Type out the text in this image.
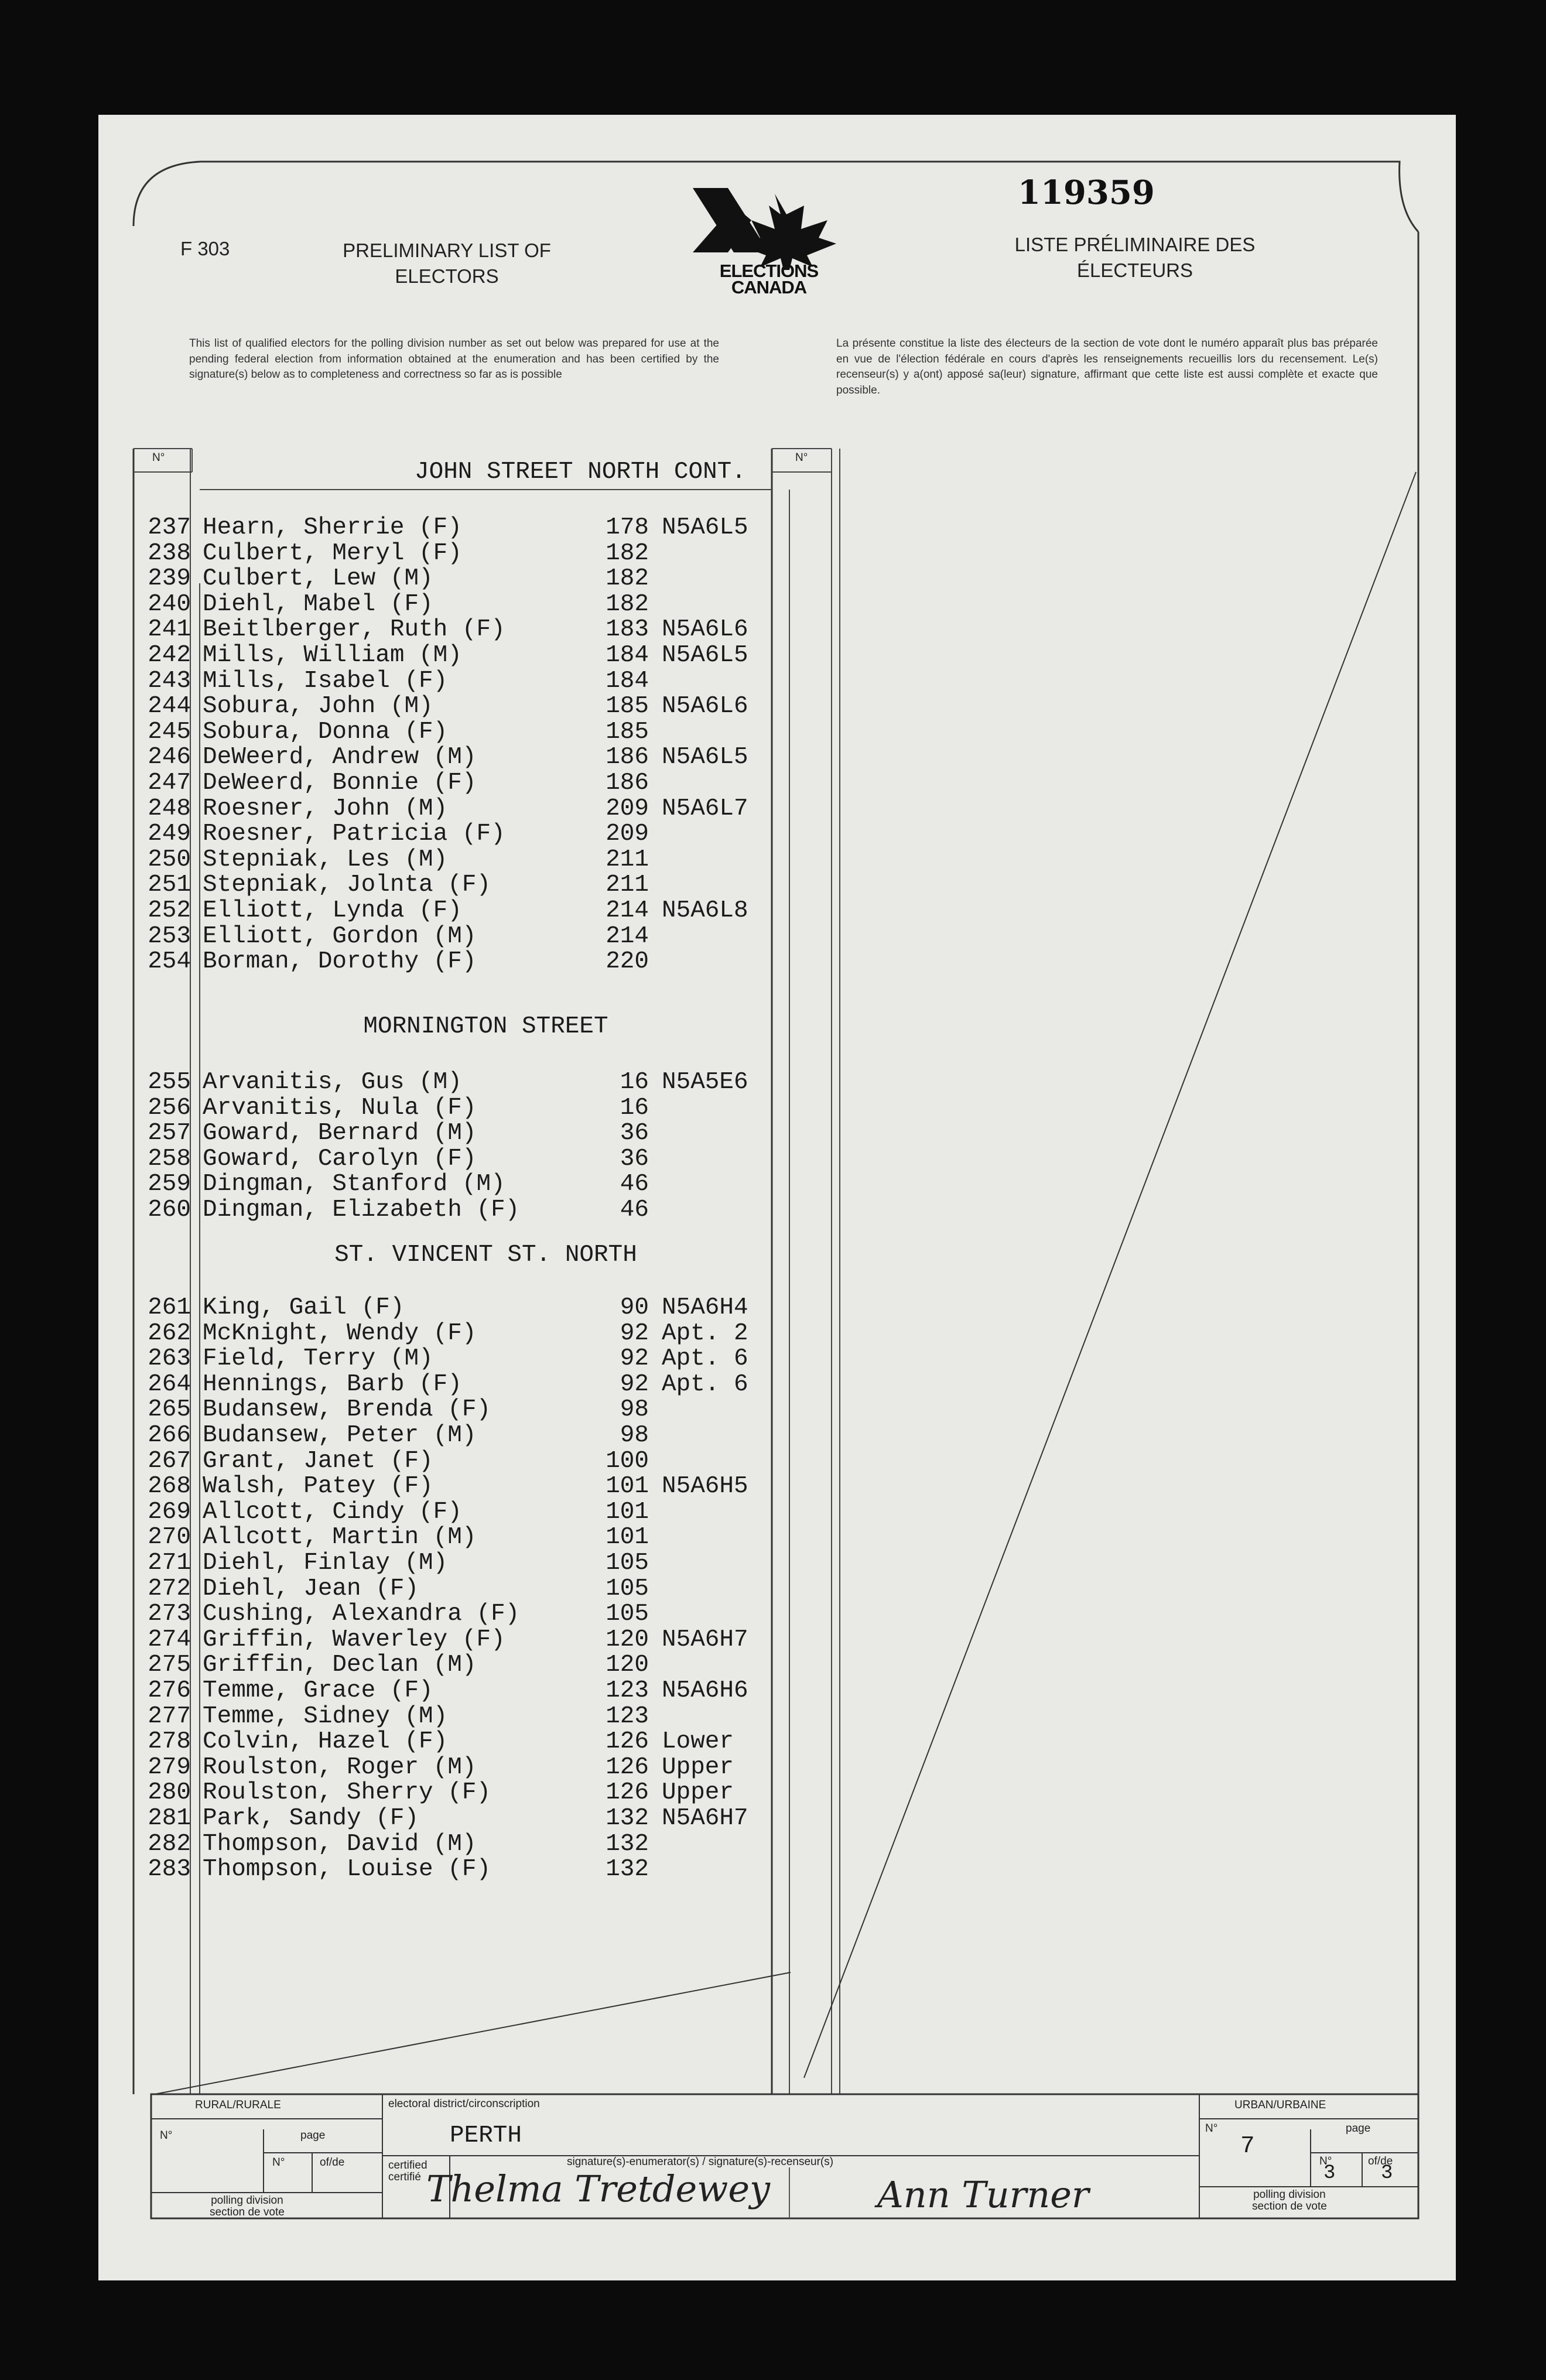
F 303	PRELIMINARY LIST OF
ELECTORS
LISTE PRÉLIMINAIRE DES
ÉLECTEURS
119359
ELECTIONS
CANADA
This list of qualified electors for the polling division number as set out below was prepared for use at the pending federal election from information obtained at the enumeration and has been certified by the signature(s) below as to completeness and correctness so far as is possible
La présente constitue la liste des électeurs de la section de vote dont le numéro apparaît plus bas préparée en vue de l'élection fédérale en cours d'après les renseignements recueillis lors du recensement. Le(s) recenseur(s) y a(ont) apposé sa(leur) signature, affirmant que cette liste est aussi complète et exacte que possible.
N°	N°
JOHN STREET NORTH CONT.
237 Hearn, Sherrie (F)	178 N5A6L5
238 Culbert, Meryl (F)	182
239 Culbert, Lew (M)	182
240 Diehl, Mabel (F)	182
241 Beitlberger, Ruth (F)	183 N5A6L6
242 Mills, William (M)	184 N5A6L5
243 Mills, Isabel (F)	184
244 Sobura, John (M)	185 N5A6L6
245 Sobura, Donna (F)	185
246 DeWeerd, Andrew (M)	186 N5A6L5
247 DeWeerd, Bonnie (F)	186
248 Roesner, John (M)	209 N5A6L7
249 Roesner, Patricia (F)	209
250 Stepniak, Les (M)	211
251 Stepniak, Jolnta (F)	211
252 Elliott, Lynda (F)	214 N5A6L8
253 Elliott, Gordon (M)	214
254 Borman, Dorothy (F)	220
MORNINGTON STREET
255 Arvanitis, Gus (M)	16 N5A5E6
256 Arvanitis, Nula (F)	16
257 Goward, Bernard (M)	36
258 Goward, Carolyn (F)	36
259 Dingman, Stanford (M)	46
260 Dingman, Elizabeth (F)	46
ST. VINCENT ST. NORTH
261 King, Gail (F)	90 N5A6H4
262 McKnight, Wendy (F)	92 Apt. 2
263 Field, Terry (M)	92 Apt. 6
264 Hennings, Barb (F)	92 Apt. 6
265 Budansew, Brenda (F)	98
266 Budansew, Peter (M)	98
267 Grant, Janet (F)	100
268 Walsh, Patey (F)	101 N5A6H5
269 Allcott, Cindy (F)	101
270 Allcott, Martin (M)	101
271 Diehl, Finlay (M)	105
272 Diehl, Jean (F)	105
273 Cushing, Alexandra (F)	105
274 Griffin, Waverley (F)	120 N5A6H7
275 Griffin, Declan (M)	120
276 Temme, Grace (F)	123 N5A6H6
277 Temme, Sidney (M)	123
278 Colvin, Hazel (F)	126 Lower
279 Roulston, Roger (M)	126 Upper
280 Roulston, Sherry (F)	126 Upper
281 Park, Sandy (F)	132 N5A6H7
282 Thompson, David (M)	132
283 Thompson, Louise (F)	132
RURAL/RURALE
N°	page
N°	of/de
polling division
section de vote
electoral district/circonscription
PERTH
certified
certifié
signature(s)-enumerator(s) / signature(s)-recenseur(s)
Thelma Tretdewey	Ann Turner
URBAN/URBAINE
N°
7
page
N°	of/de
3 3
polling division
section de vote
